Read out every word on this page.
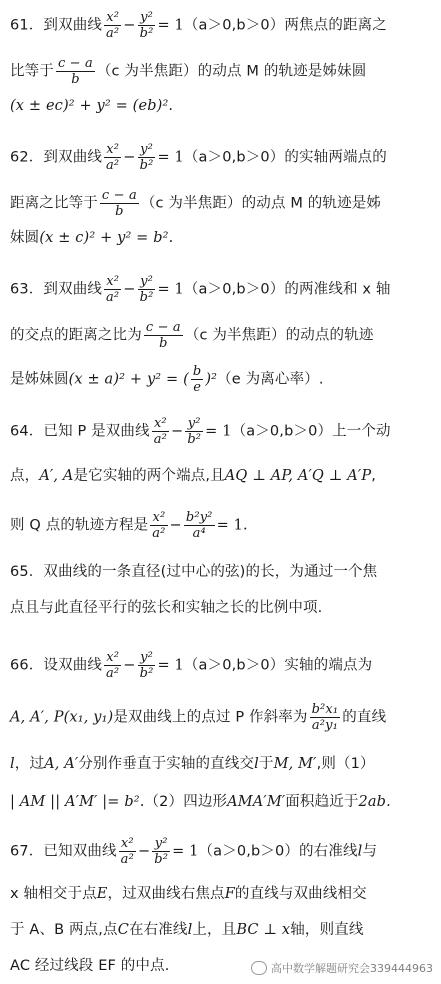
61．到双曲线 $\frac{\text{x²}}{\text{a²}} - \frac{\text{y²}}{\text{b²}} = 1(a>0,b>0)$两焦点的距离之
比等于 $\frac{c - a}{b} (c$ 为半焦距）的动点 M 的轨迹是姊妹圆
(x ± ec)² + y² = (eb)².
62．到双曲线 $\frac{\text{x²}}{\text{a²}} - \frac{\text{y²}}{\text{b²}} = 1(a>0,b>0)$的实轴两端点的
距离之比等于 $\frac{c - a}{b} (c$ 为半焦距）的动点 M 的轨迹是姊
妹圆(x ± c)² + y² = b².
63．到双曲线 $\frac{\text{x²}}{\text{a²}} - \frac{\text{y²}}{\text{b²}} = 1(a>0,b>0)$的两准线和 x 轴
的交点的距离之比为 $\frac{c - a}{b} (c$ 为半焦距）的动点的轨迹
是姊妹圆(x ± a)² + y² = ( $\frac{b}{e} )^2(e$ 为离心率）.
64．已知 P 是双曲线 $\frac{\text{x²}}{\text{a²}} - \frac{\text{y²}}{\text{b²}} = 1(a>0,b>0)$上一个动
点，A′, A是它实轴的两个端点,且AQ ⊥ AP, A′Q ⊥ A′P,
则 Q 点的轨迹方程是 $\frac{\text{x²}}{\text{a²}} - \frac{\text{b²y²}}{\text{a⁴}} = 1$.
65．双曲线的一条直径(过中心的弦)的长，为通过一个焦
点且与此直径平行的弦长和实轴之长的比例中项.
66．设双曲线 $\frac{\text{x²}}{\text{a²}} - \frac{\text{y²}}{\text{b²}} = 1(a>0,b>0)$实轴的端点为
A, A′, P(x₁, y₁)是双曲线上的点过 P 作斜率为 $\frac{\text{b²x₁}}{\text{a²y₁}}$ 的直线
l，过A, A′分别作垂直于实轴的直线交l于M, M′,则（1）
| AM || A′M′ |= b².（2）四边形AMA′M′面积趋近于2ab.
67．已知双曲线 $\frac{\text{x²}}{\text{a²}} - \frac{\text{y²}}{\text{b²}} = 1(a>0,b>0)$的右准线l与
x 轴相交于点E，过双曲线右焦点F的直线与双曲线相交
于 A、B 两点,点C在右准线l上，且BC ⊥ x轴，则直线
AC 经过线段 EF 的中点.	高中数学解题研究会339444963
